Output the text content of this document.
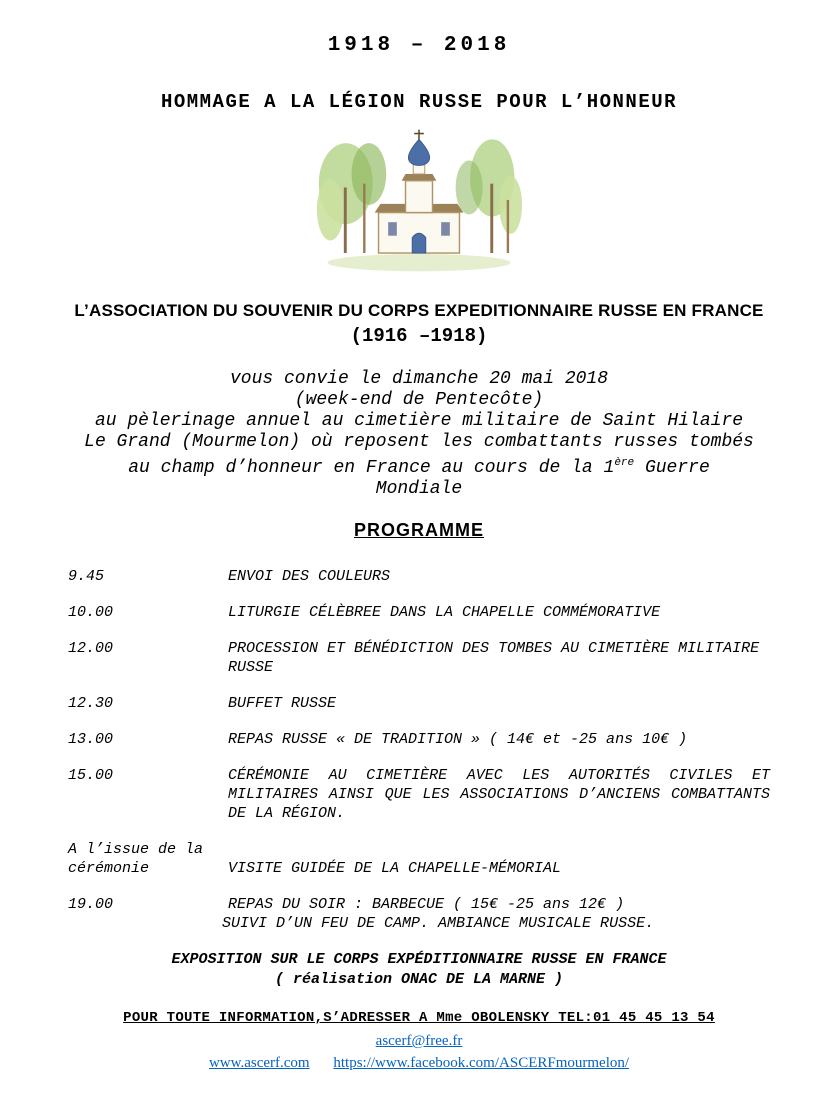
1918 – 2018
HOMMAGE A LA LÉGION RUSSE POUR L’HONNEUR
L’ASSOCIATION DU SOUVENIR DU CORPS EXPEDITIONNAIRE RUSSE EN FRANCE
(1916 –1918)
vous convie le dimanche 20 mai 2018
(week-end de Pentecôte)
au pèlerinage annuel au cimetière militaire de Saint Hilaire
Le Grand (Mourmelon) où reposent les combattants russes tombés
au champ d’honneur en France au cours de la 1ère Guerre
Mondiale
PROGRAMME
9.45	ENVOI DES COULEURS
10.00	LITURGIE CÉLÈBREE DANS LA CHAPELLE COMMÉMORATIVE
12.00	PROCESSION ET BÉNÉDICTION DES TOMBES AU CIMETIÈRE MILITAIRE RUSSE
12.30	BUFFET RUSSE
13.00	REPAS RUSSE « DE TRADITION » ( 14€ et -25 ans 10€ )
15.00	CÉRÉMONIE AU CIMETIÈRE AVEC LES AUTORITÉS CIVILES ET MILITAIRES AINSI QUE LES ASSOCIATIONS D’ANCIENS COMBATTANTS DE LA RÉGION.
A l’issue de la cérémonie	VISITE GUIDÉE DE LA CHAPELLE-MÉMORIAL
19.00	REPAS DU SOIR : BARBECUE ( 15€ -25 ans 12€ )
SUIVI D’UN FEU DE CAMP. AMBIANCE MUSICALE RUSSE.
EXPOSITION SUR LE CORPS EXPÉDITIONNAIRE RUSSE EN FRANCE
( réalisation ONAC DE LA MARNE )
POUR TOUTE INFORMATION,S’ADRESSER A Mme OBOLENSKY TEL:01 45 45 13 54
ascerf@free.fr
www.ascerf.com https://www.facebook.com/ASCERFmourmelon/
